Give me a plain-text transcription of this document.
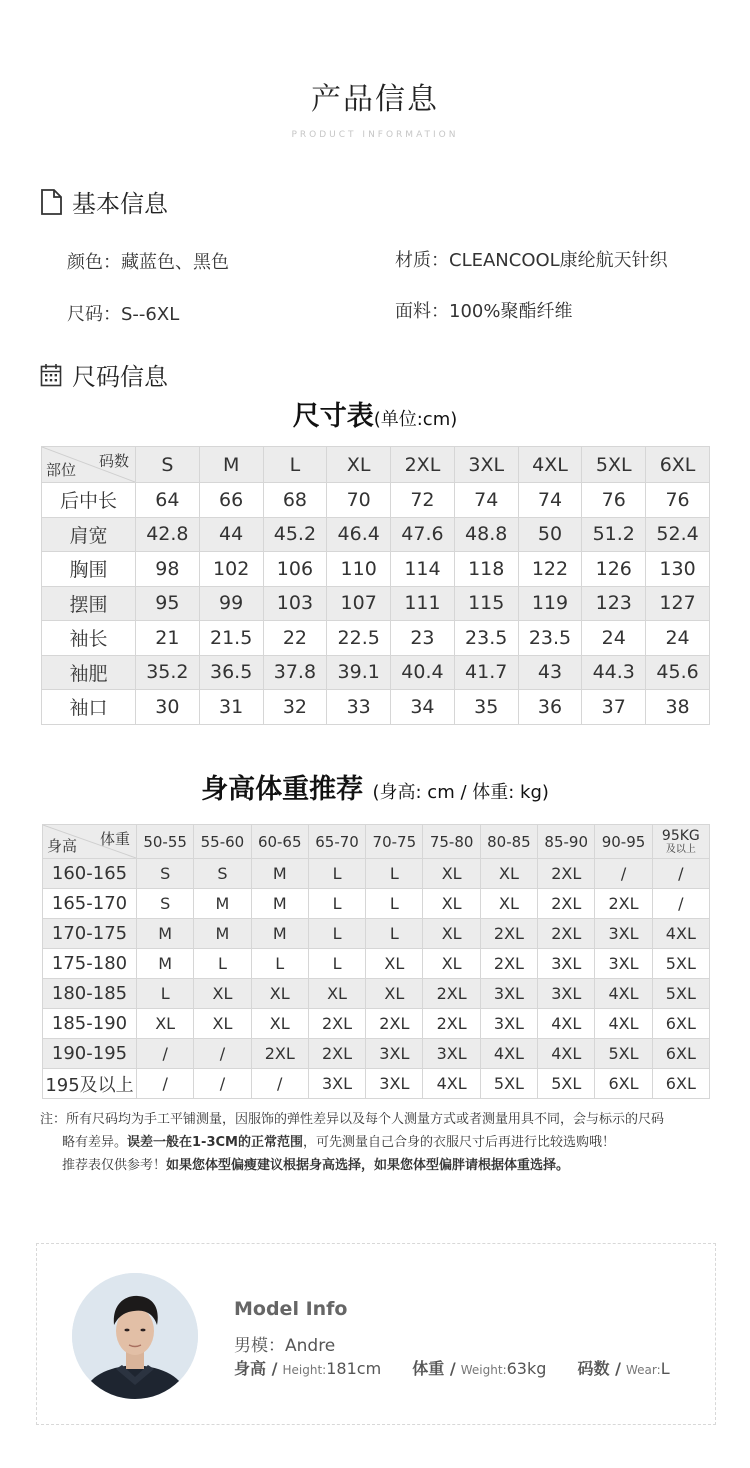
产品信息
PRODUCT INFORMATION
基本信息
颜色：藏蓝色、黑色	材质：CLEANCOOL康纶航天针织
尺码：S--6XL	面料：100%聚酯纤维
尺码信息
尺寸表(单位:cm)
码数
部位	S	M	L	XL	2XL	3XL	4XL	5XL	6XL
后中长	64	66	68	70	72	74	74	76	76
肩宽	42.8	44	45.2	46.4	47.6	48.8	50	51.2	52.4
胸围	98	102	106	110	114	118	122	126	130
摆围	95	99	103	107	111	115	119	123	127
袖长	21	21.5	22	22.5	23	23.5	23.5	24	24
袖肥	35.2	36.5	37.8	39.1	40.4	41.7	43	44.3	45.6
袖口	30	31	32	33	34	35	36	37	38
身高体重推荐 (身高: cm / 体重: kg)
体重
身高	50-55	55-60	60-65	65-70	70-75	75-80	80-85	85-90	90-95	95KG
及以上

160-165	S	S	M	L	L	XL	XL	2XL	/	/
165-170	S	M	M	L	L	XL	XL	2XL	2XL	/
170-175	M	M	M	L	L	XL	2XL	2XL	3XL	4XL
175-180	M	L	L	L	XL	XL	2XL	3XL	3XL	5XL
180-185	L	XL	XL	XL	XL	2XL	3XL	3XL	4XL	5XL
185-190	XL	XL	XL	2XL	2XL	2XL	3XL	4XL	4XL	6XL
190-195	/	/	2XL	2XL	3XL	3XL	4XL	4XL	5XL	6XL
195及以上	/	/	/	3XL	3XL	4XL	5XL	5XL	6XL	6XL

注：所有尺码均为手工平铺测量，因服饰的弹性差异以及每个人测量方式或者测量用具不同，会与标示的尺码

略有差异。误差一般在1-3CM的正常范围，可先测量自己合身的衣服尺寸后再进行比较选购哦！

推荐表仅供参考！如果您体型偏瘦建议根据身高选择，如果您体型偏胖请根据体重选择。

Model Info
男模：Andre
身高 / Height:181cm 体重 / Weight:63kg 码数 / Wear:L
